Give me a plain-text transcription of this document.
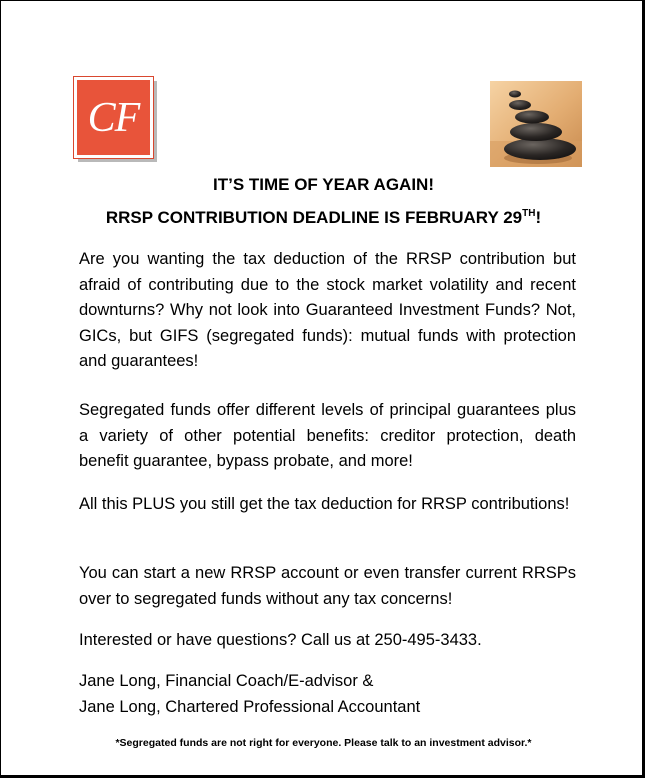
CF
IT’S TIME OF YEAR AGAIN!
RRSP CONTRIBUTION DEADLINE IS FEBRUARY 29TH!
Are you wanting the tax deduction of the RRSP contribution but afraid of contributing due to the stock market volatility and recent downturns? Why not look into Guaranteed Investment Funds? Not, GICs, but GIFS (segregated funds): mutual funds with protection and guarantees!
Segregated funds offer different levels of principal guarantees plus a variety of other potential benefits: creditor protection, death benefit guarantee, bypass probate, and more!
All this PLUS you still get the tax deduction for RRSP contributions!
You can start a new RRSP account or even transfer current RRSPs over to segregated funds without any tax concerns!
Interested or have questions? Call us at 250-495-3433.
Jane Long, Financial Coach/E-advisor &
Jane Long, Chartered Professional Accountant
*Segregated funds are not right for everyone. Please talk to an investment advisor.*
